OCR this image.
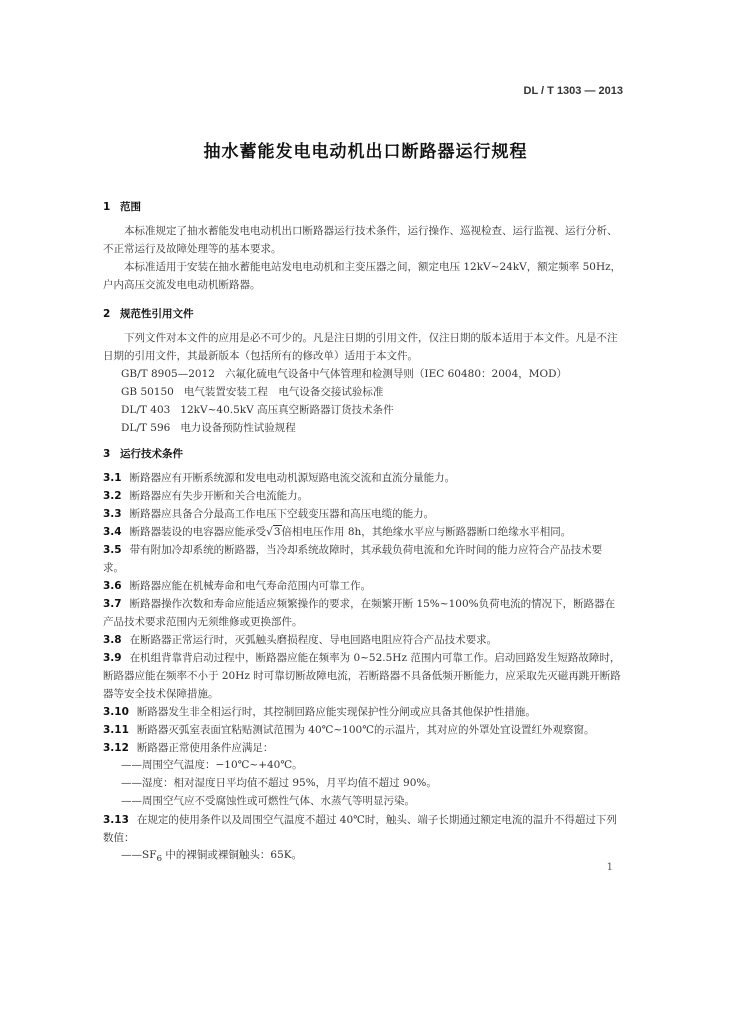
DL / T 1303 — 2013
抽水蓄能发电电动机出口断路器运行规程
1 范围
本标准规定了抽水蓄能发电电动机出口断路器运行技术条件，运行操作、巡视检查、运行监视、运行分析、不正常运行及故障处理等的基本要求。
本标准适用于安装在抽水蓄能电站发电电动机和主变压器之间，额定电压 12kV~24kV，额定频率 50Hz，户内高压交流发电电动机断路器。
2 规范性引用文件
下列文件对本文件的应用是必不可少的。凡是注日期的引用文件，仅注日期的版本适用于本文件。凡是不注日期的引用文件，其最新版本（包括所有的修改单）适用于本文件。
GB/T 8905—2012 六氟化硫电气设备中气体管理和检测导则（IEC 60480：2004，MOD）
GB 50150 电气装置安装工程　电气设备交接试验标准
DL/T 403 12kV~40.5kV 高压真空断路器订货技术条件
DL/T 596 电力设备预防性试验规程
3 运行技术条件
3.1 断路器应有开断系统源和发电电动机源短路电流交流和直流分量能力。
3.2 断路器应有失步开断和关合电流能力。
3.3 断路器应具备合分最高工作电压下空载变压器和高压电缆的能力。
3.4 断路器装设的电容器应能承受√3倍相电压作用 8h，其绝缘水平应与断路器断口绝缘水平相同。
3.5 带有附加冷却系统的断路器，当冷却系统故障时，其承载负荷电流和允许时间的能力应符合产品技术要求。
3.6 断路器应能在机械寿命和电气寿命范围内可靠工作。
3.7 断路器操作次数和寿命应能适应频繁操作的要求，在频繁开断 15%~100%负荷电流的情况下，断路器在产品技术要求范围内无须维修或更换部件。
3.8 在断路器正常运行时，灭弧触头磨损程度、导电回路电阻应符合产品技术要求。
3.9 在机组背靠背启动过程中，断路器应能在频率为 0~52.5Hz 范围内可靠工作。启动回路发生短路故障时，断路器应能在频率不小于 20Hz 时可靠切断故障电流，若断路器不具备低频开断能力，应采取先灭磁再跳开断路器等安全技术保障措施。
3.10 断路器发生非全相运行时，其控制回路应能实现保护性分闸或应具备其他保护性措施。
3.11 断路器灭弧室表面宜粘贴测试范围为 40℃~100℃的示温片，其对应的外罩处宜设置红外观察窗。
3.12 断路器正常使用条件应满足：
——周围空气温度：−10℃~+40℃。
——湿度：相对湿度日平均值不超过 95%，月平均值不超过 90%。
——周围空气应不受腐蚀性或可燃性气体、水蒸气等明显污染。
3.13 在规定的使用条件以及周围空气温度不超过 40℃时，触头、端子长期通过额定电流的温升不得超过下列数值：
$——SF_6$ 中的裸铜或裸铜触头：65K。
1
